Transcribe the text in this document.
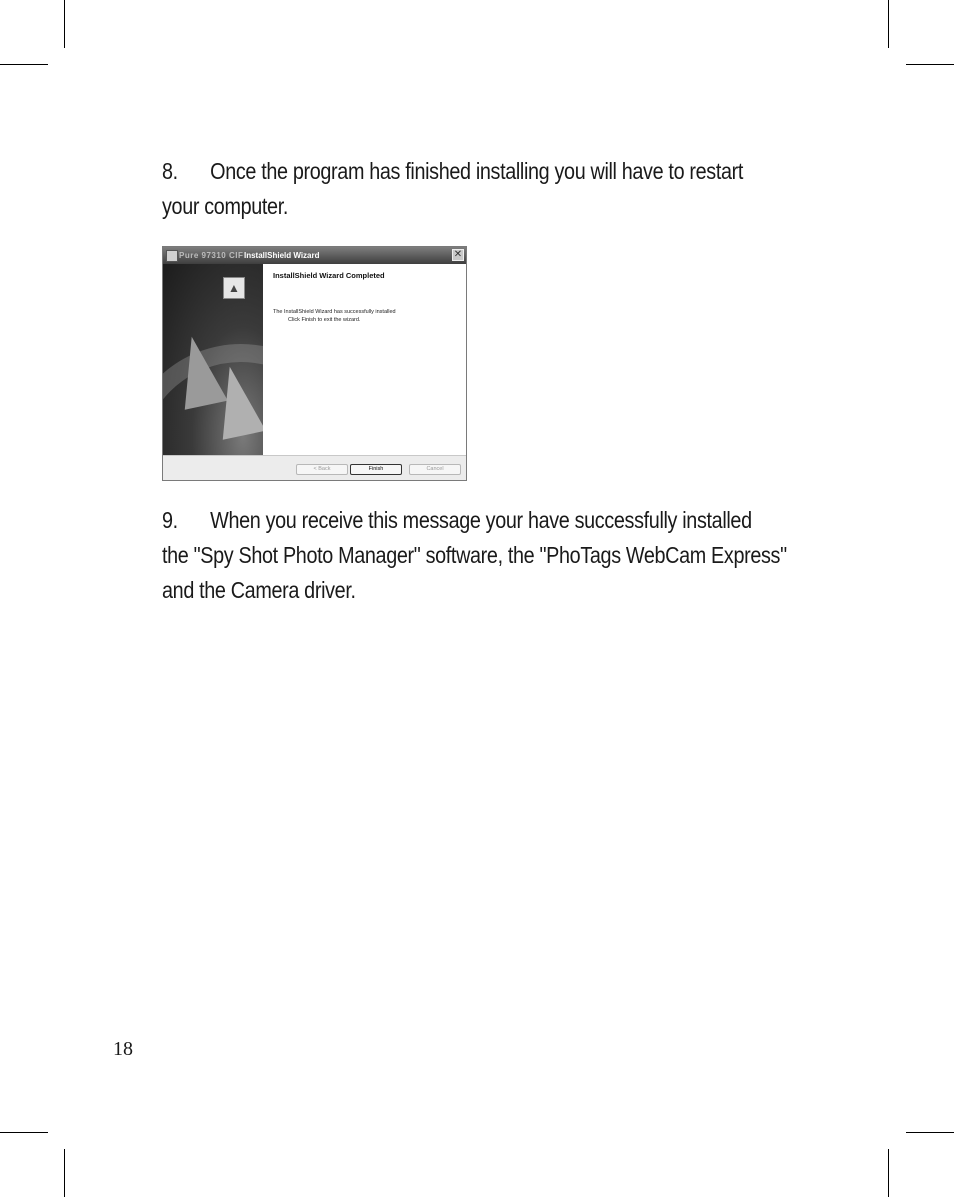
8. Once the program has finished installing you will have to restart
your computer.
Pure 97310 CIF InstallShield Wizard	✕
▲
InstallShield Wizard Completed
The InstallShield Wizard has successfully installed
Click Finish to exit the wizard.
< Back	Finish	Cancel
9. When you receive this message your have successfully installed
the "Spy Shot Photo Manager" software, the "PhoTags WebCam Express"
and the Camera driver.
18
